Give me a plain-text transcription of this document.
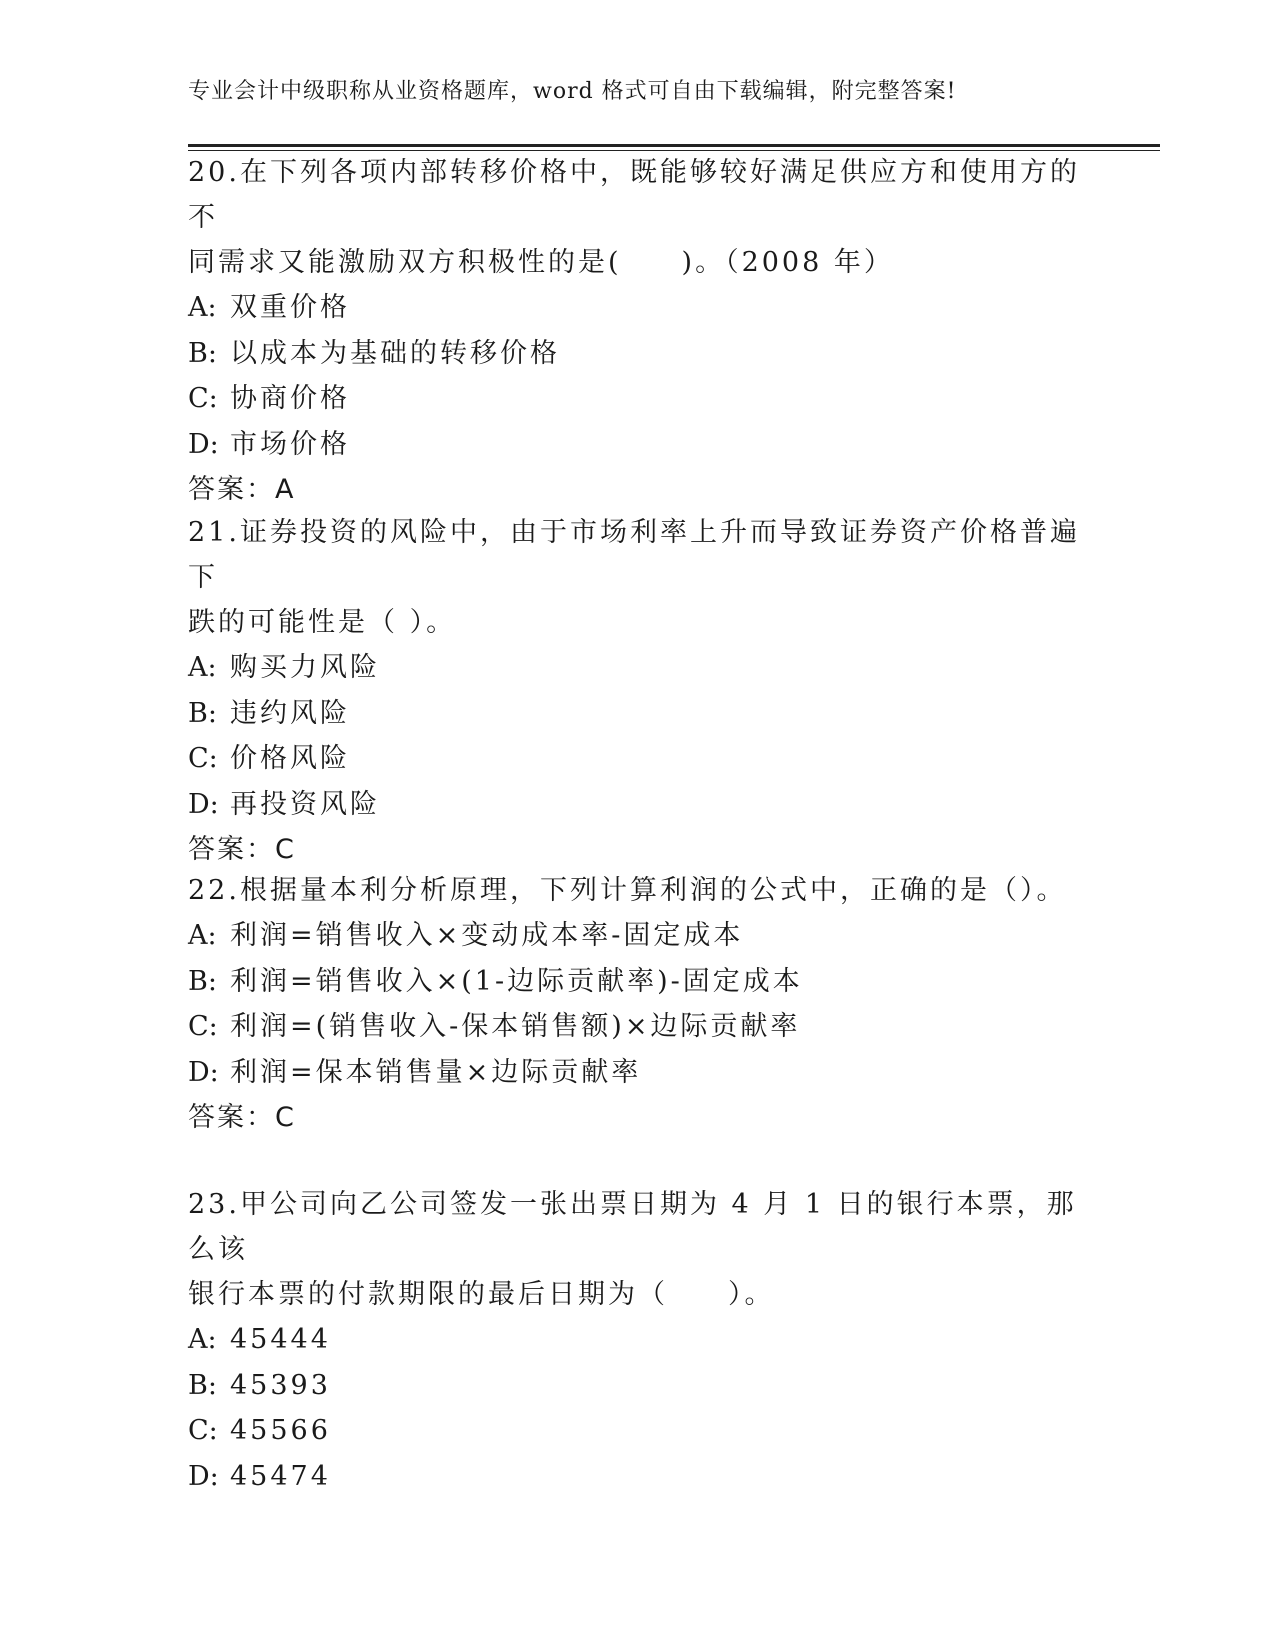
专业会计中级职称从业资格题库，word 格式可自由下载编辑，附完整答案!

20.在下列各项内部转移价格中，既能够较好满足供应方和使用方的不

同需求又能激励双方积极性的是(　　)。（2008 年）

A: 双重价格

B: 以成本为基础的转移价格

C: 协商价格

D: 市场价格

答案：A

21.证券投资的风险中，由于市场利率上升而导致证券资产价格普遍下

跌的可能性是（ ）。

A: 购买力风险

B: 违约风险

C: 价格风险

D: 再投资风险

答案：C

22.根据量本利分析原理，下列计算利润的公式中，正确的是（）。

A: 利润=销售收入×变动成本率-固定成本

B: 利润=销售收入×(1-边际贡献率)-固定成本

C: 利润=(销售收入-保本销售额)×边际贡献率

D: 利润=保本销售量×边际贡献率

答案：C

23.甲公司向乙公司签发一张出票日期为 4 月 1 日的银行本票，那么该

银行本票的付款期限的最后日期为（　　）。

A: 45444

B: 45393

C: 45566

D: 45474
